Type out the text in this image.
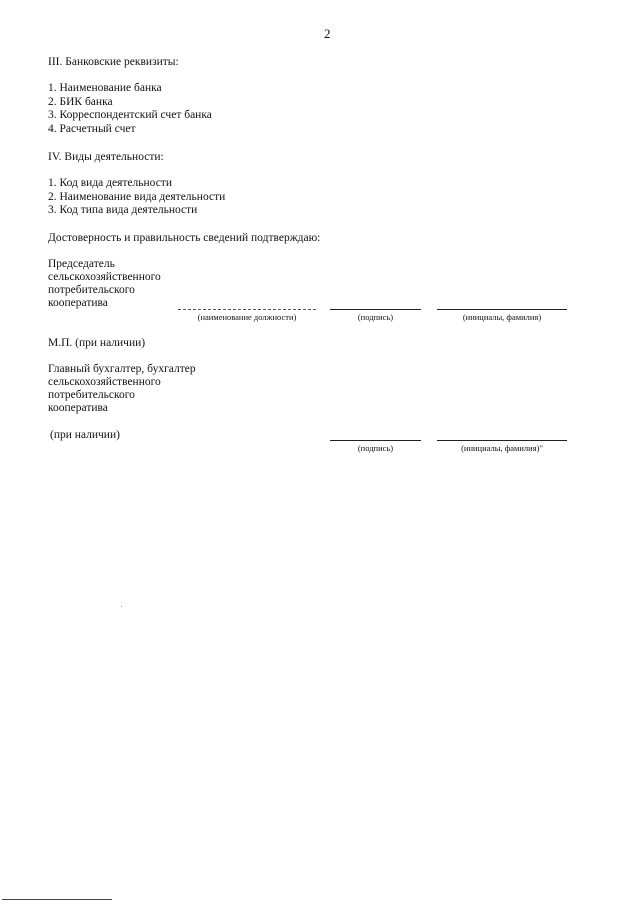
2
III. Банковские реквизиты:
1. Наименование банка
2. БИК банка
3. Корреспондентский счет банка
4. Расчетный счет
IV. Виды деятельности:
1. Код вида деятельности
2. Наименование вида деятельности
3. Код типа вида деятельности
Достоверность и правильность сведений подтверждаю:
Председатель
сельскохозяйственного
потребительского
кооператива
(наименование должности)	(подпись)	(инициалы, фамилия)
М.П. (при наличии)
Главный бухгалтер, бухгалтер
сельскохозяйственного
потребительского
кооператива
(при наличии)
(подпись)	(инициалы, фамилия)"
